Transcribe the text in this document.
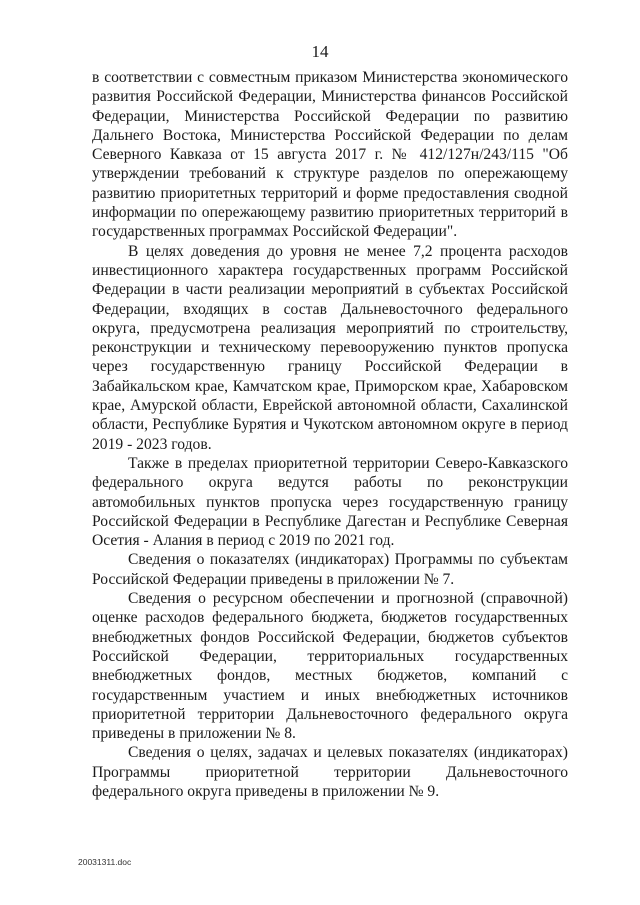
14

в соответствии с совместным приказом Министерства экономического развития Российской Федерации, Министерства финансов Российской Федерации, Министерства Российской Федерации по развитию Дальнего Востока, Министерства Российской Федерации по делам Северного Кавказа от 15 августа 2017 г. № 412/127н/243/115 "Об утверждении требований к структуре разделов по опережающему развитию приоритетных территорий и форме предоставления сводной информации по опережающему развитию приоритетных территорий в государственных программах Российской Федерации".

В целях доведения до уровня не менее 7,2 процента расходов инвестиционного характера государственных программ Российской Федерации в части реализации мероприятий в субъектах Российской Федерации, входящих в состав Дальневосточного федерального округа, предусмотрена реализация мероприятий по строительству, реконструкции и техническому перевооружению пунктов пропуска через государственную границу Российской Федерации в Забайкальском крае, Камчатском крае, Приморском крае, Хабаровском крае, Амурской области, Еврейской автономной области, Сахалинской области, Республике Бурятия и Чукотском автономном округе в период 2019 - 2023 годов.

Также в пределах приоритетной территории Северо-Кавказского федерального округа ведутся работы по реконструкции автомобильных пунктов пропуска через государственную границу Российской Федерации в Республике Дагестан и Республике Северная Осетия - Алания в период с 2019 по 2021 год.

Сведения о показателях (индикаторах) Программы по субъектам Российской Федерации приведены в приложении № 7.

Сведения о ресурсном обеспечении и прогнозной (справочной) оценке расходов федерального бюджета, бюджетов государственных внебюджетных фондов Российской Федерации, бюджетов субъектов Российской Федерации, территориальных государственных внебюджетных фондов, местных бюджетов, компаний с государственным участием и иных внебюджетных источников приоритетной территории Дальневосточного федерального округа приведены в приложении № 8.

Сведения о целях, задачах и целевых показателях (индикаторах) Программы приоритетной территории Дальневосточного федерального округа приведены в приложении № 9.

20031311.doc
